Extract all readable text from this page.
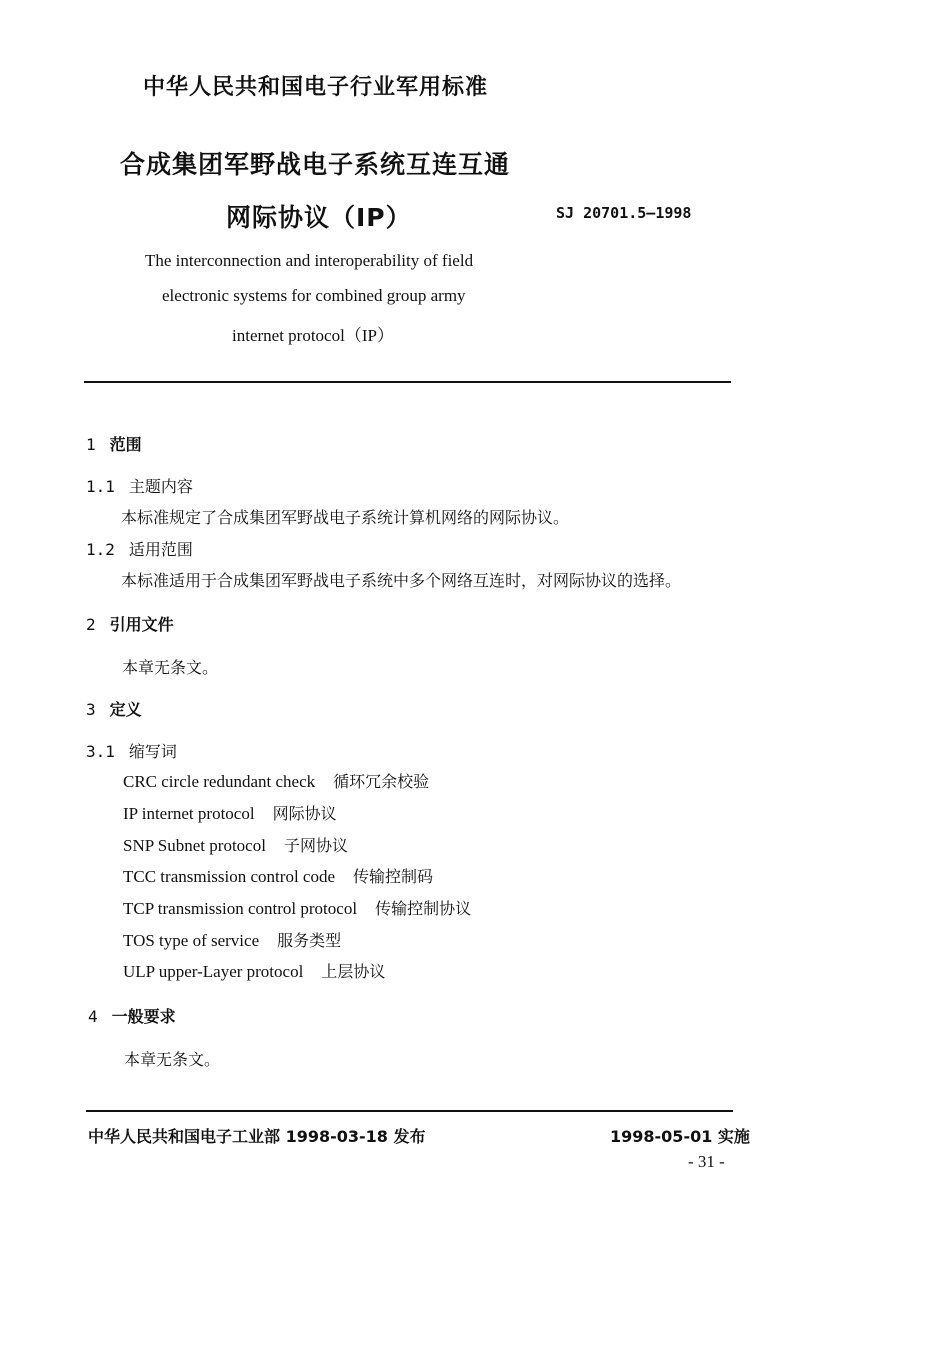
中华人民共和国电子行业军用标准
合成集团军野战电子系统互连互通
网际协议（IP）	SJ 20701.5—1998
The interconnection and interoperability of field
electronic systems for combined group army
internet protocol（IP）
1 范围
1.1 主题内容
本标准规定了合成集团军野战电子系统计算机网络的网际协议。
1.2 适用范围
本标准适用于合成集团军野战电子系统中多个网络互连时，对网际协议的选择。
2 引用文件
本章无条文。
3 定义
3.1 缩写词
CRC circle redundant check 循环冗余校验
IP internet protocol 网际协议
SNP Subnet protocol 子网协议
TCC transmission control code 传输控制码
TCP transmission control protocol 传输控制协议
TOS type of service 服务类型
ULP upper-Layer protocol 上层协议
4 一般要求
本章无条文。
中华人民共和国电子工业部 1998-03-18 发布	1998-05-01 实施
- 31 -
